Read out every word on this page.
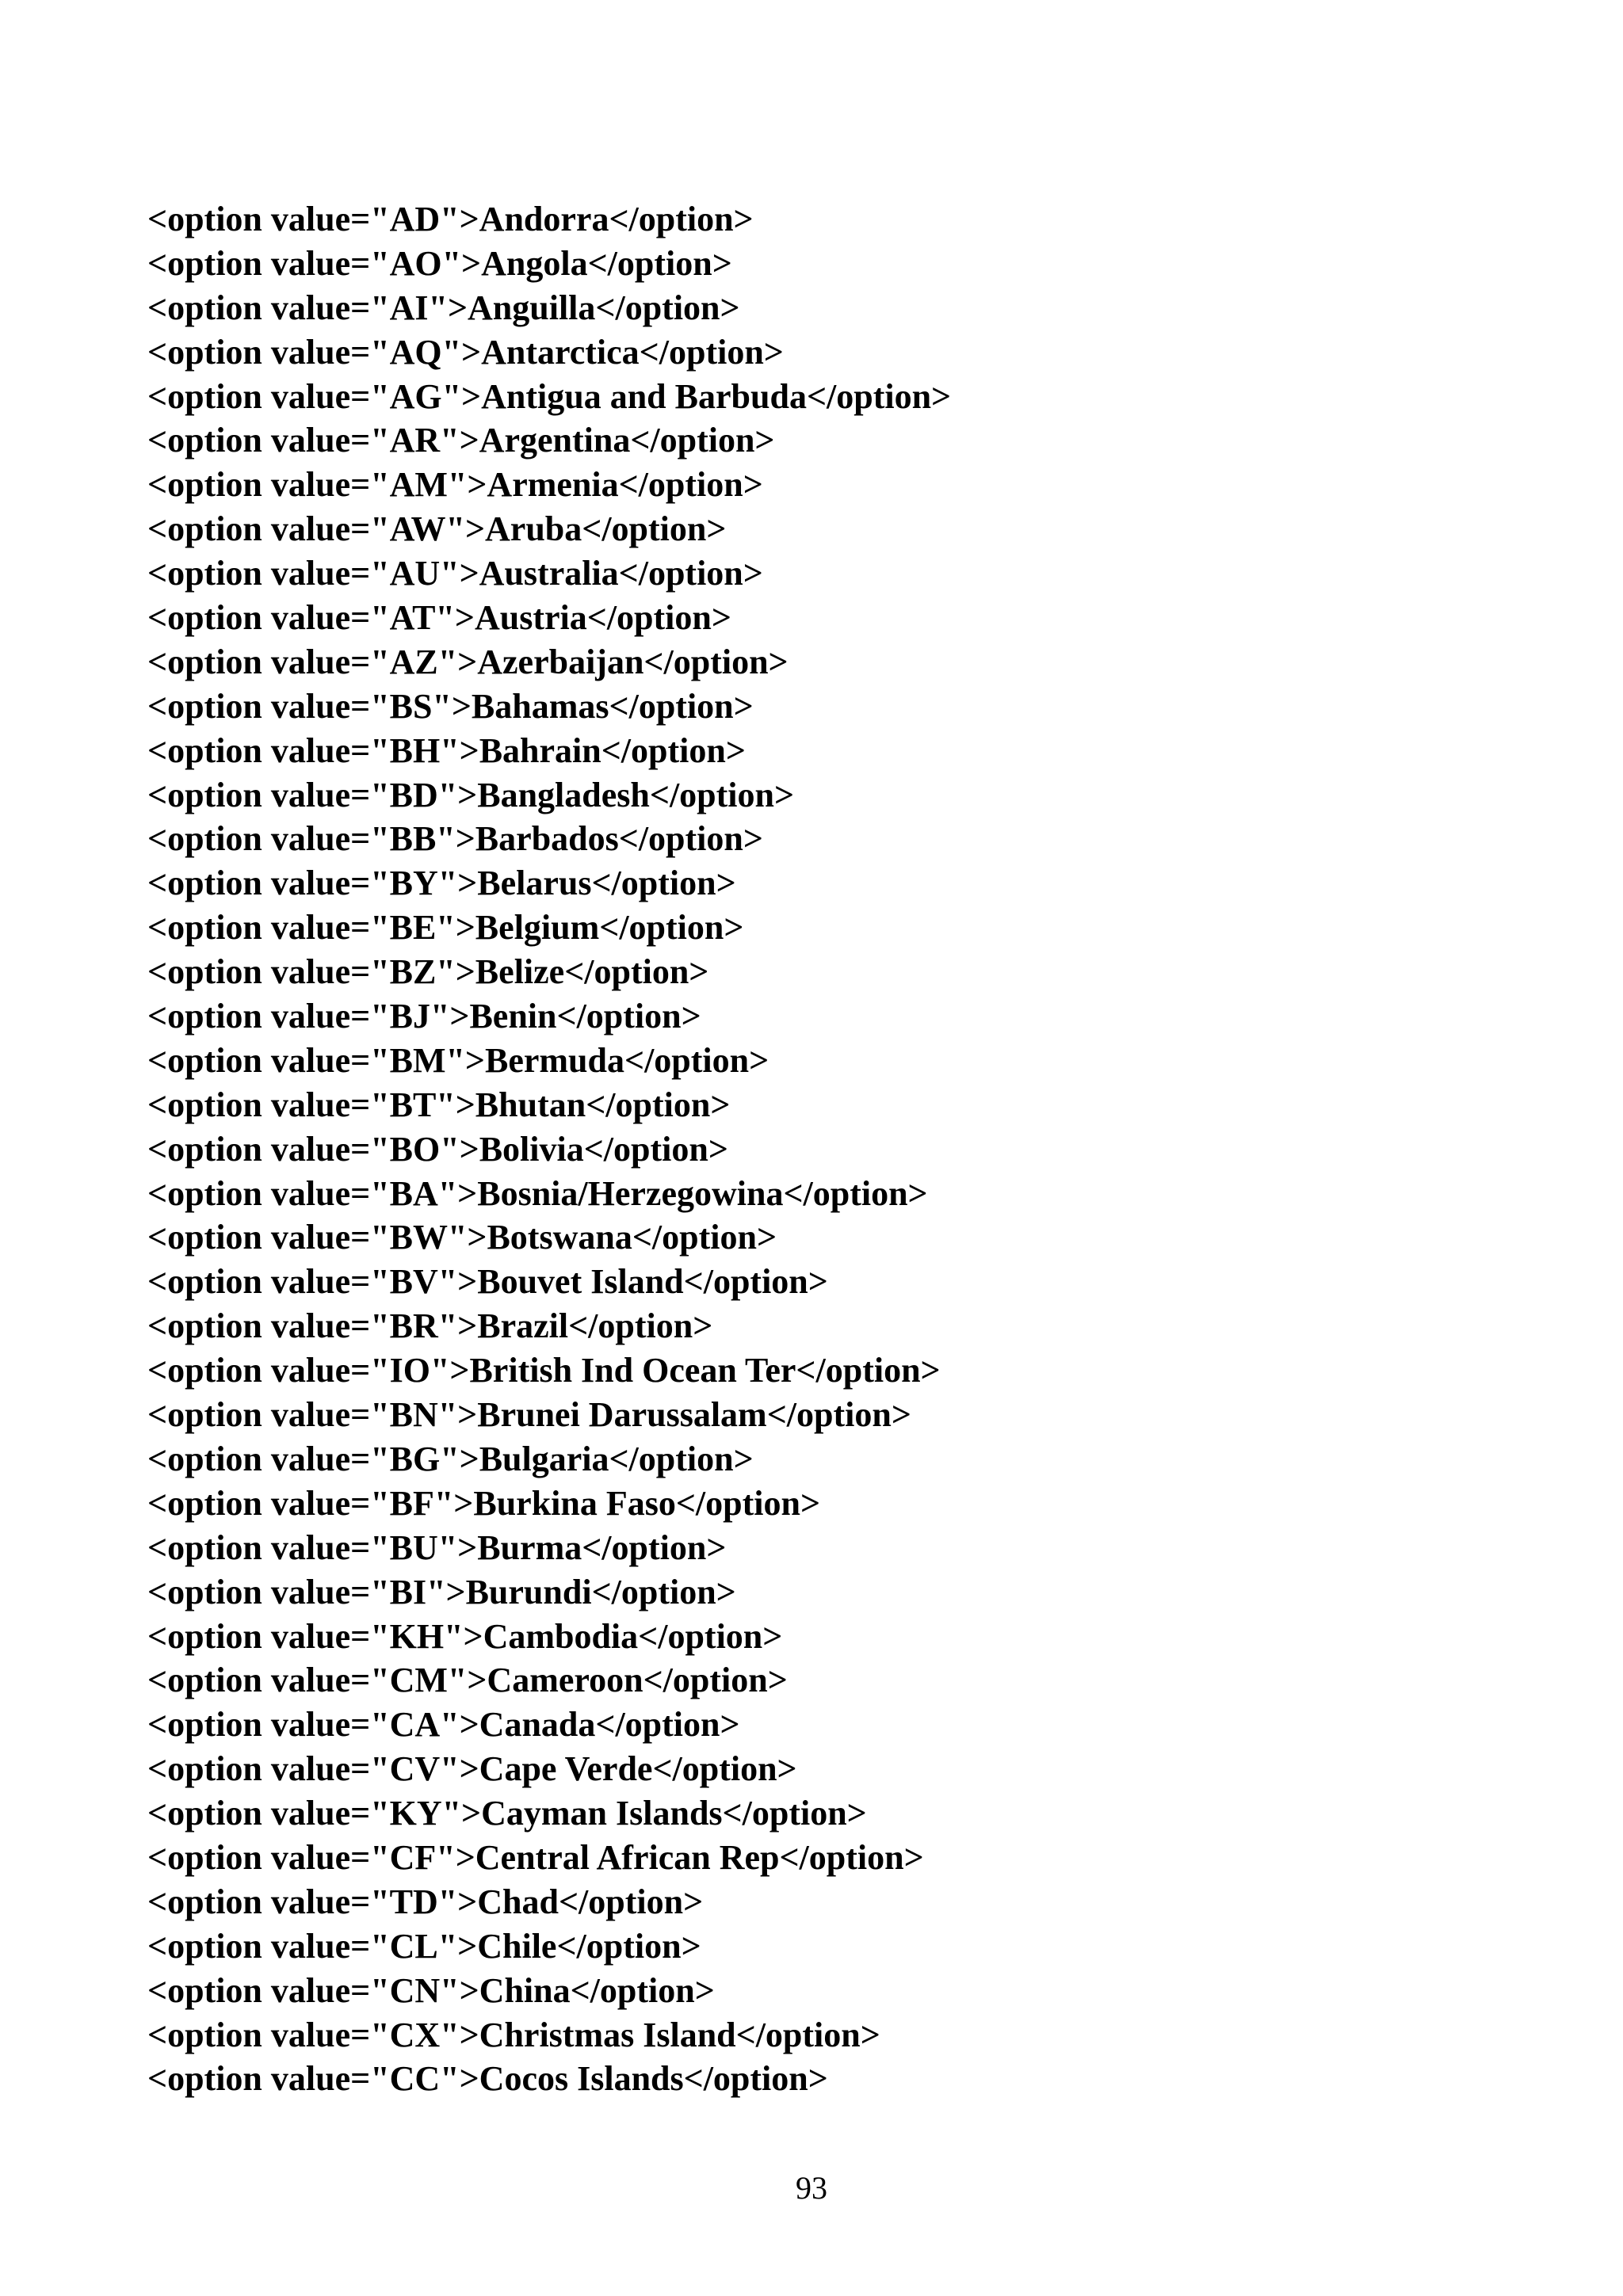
<option value="AD">Andorra</option>
<option value="AO">Angola</option>
<option value="AI">Anguilla</option>
<option value="AQ">Antarctica</option>
<option value="AG">Antigua and Barbuda</option>
<option value="AR">Argentina</option>
<option value="AM">Armenia</option>
<option value="AW">Aruba</option>
<option value="AU">Australia</option>
<option value="AT">Austria</option>
<option value="AZ">Azerbaijan</option>
<option value="BS">Bahamas</option>
<option value="BH">Bahrain</option>
<option value="BD">Bangladesh</option>
<option value="BB">Barbados</option>
<option value="BY">Belarus</option>
<option value="BE">Belgium</option>
<option value="BZ">Belize</option>
<option value="BJ">Benin</option>
<option value="BM">Bermuda</option>
<option value="BT">Bhutan</option>
<option value="BO">Bolivia</option>
<option value="BA">Bosnia/Herzegowina</option>
<option value="BW">Botswana</option>
<option value="BV">Bouvet Island</option>
<option value="BR">Brazil</option>
<option value="IO">British Ind Ocean Ter</option>
<option value="BN">Brunei Darussalam</option>
<option value="BG">Bulgaria</option>
<option value="BF">Burkina Faso</option>
<option value="BU">Burma</option>
<option value="BI">Burundi</option>
<option value="KH">Cambodia</option>
<option value="CM">Cameroon</option>
<option value="CA">Canada</option>
<option value="CV">Cape Verde</option>
<option value="KY">Cayman Islands</option>
<option value="CF">Central African Rep</option>
<option value="TD">Chad</option>
<option value="CL">Chile</option>
<option value="CN">China</option>
<option value="CX">Christmas Island</option>
<option value="CC">Cocos Islands</option>
93
